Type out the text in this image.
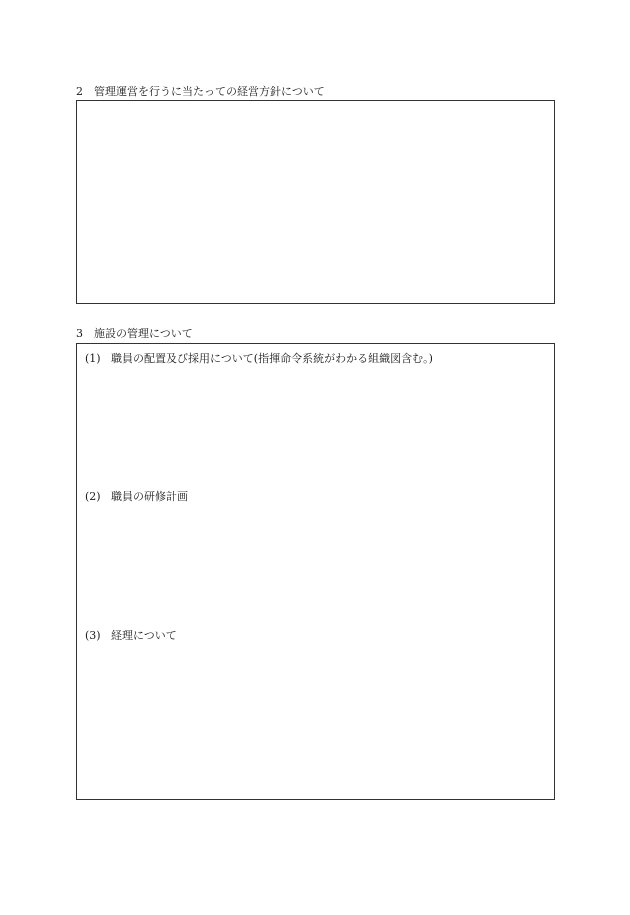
2 管理運営を行うに当たっての経営方針について
3 施設の管理について
(1) 職員の配置及び採用について(指揮命令系統がわかる組織図含む。)
(2) 職員の研修計画
(3) 経理について
